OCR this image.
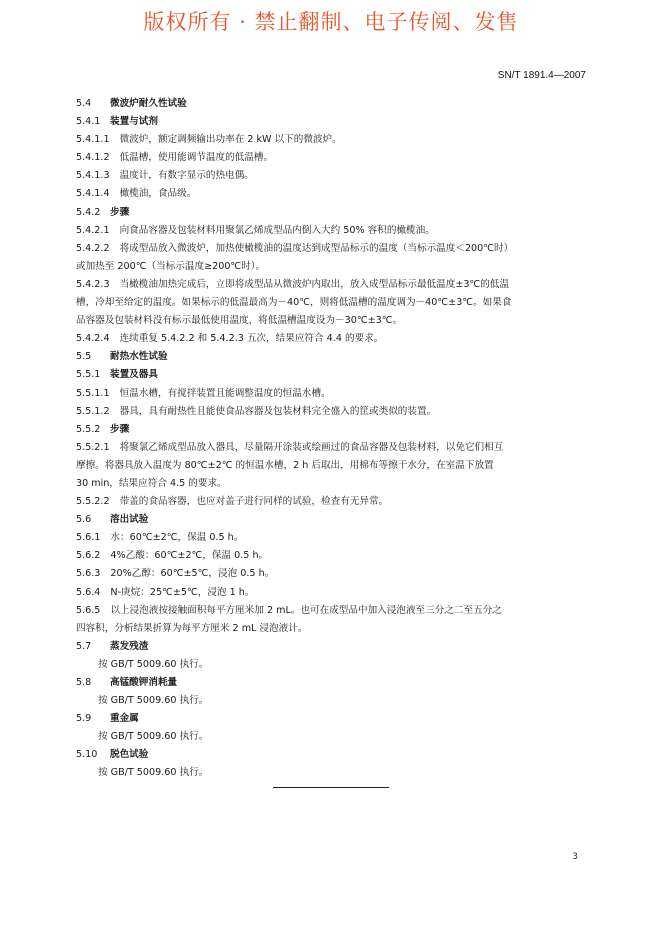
版权所有 · 禁止翻制、电子传阅、发售
SN/T 1891.4—2007

5.4 微波炉耐久性试验

5.4.1 装置与试剂

5.4.1.1 微波炉，额定调频输出功率在 2 kW 以下的微波炉。

5.4.1.2 低温槽，使用能调节温度的低温槽。

5.4.1.3 温度计，有数字显示的热电偶。

5.4.1.4 橄榄油，食品级。

5.4.2 步骤

5.4.2.1 向食品容器及包装材料用聚氯乙烯成型品内倒入大约 50% 容积的橄榄油。

5.4.2.2 将成型品放入微波炉，加热使橄榄油的温度达到成型品标示的温度（当标示温度＜200℃时）

或加热至 200℃（当标示温度≥200℃时）。

5.4.2.3 当橄榄油加热完成后，立即将成型品从微波炉内取出，放入成型品标示最低温度±3℃的低温

槽，冷却至给定的温度。如果标示的低温最高为－40℃，则将低温槽的温度调为－40℃±3℃。如果食

品容器及包装材料没有标示最低使用温度，将低温槽温度设为－30℃±3℃。

5.4.2.4 连续重复 5.4.2.2 和 5.4.2.3 五次，结果应符合 4.4 的要求。

5.5 耐热水性试验

5.5.1 装置及器具

5.5.1.1 恒温水槽，有搅拌装置且能调整温度的恒温水槽。

5.5.1.2 器具，具有耐热性且能使食品容器及包装材料完全盛入的筐或类似的装置。

5.5.2 步骤

5.5.2.1 将聚氯乙烯成型品放入器具，尽量隔开涂装或绘画过的食品容器及包装材料，以免它们相互

摩擦。将器具放入温度为 80℃±2℃ 的恒温水槽，2 h 后取出，用棉布等擦干水分，在室温下放置

30 min，结果应符合 4.5 的要求。

5.5.2.2 带盖的食品容器，也应对盖子进行同样的试验，检查有无异常。

5.6 溶出试验

5.6.1 水：60℃±2℃，保温 0.5 h。

5.6.2 4%乙酸：60℃±2℃，保温 0.5 h。

5.6.3 20%乙醇：60℃±5℃，浸泡 0.5 h。

5.6.4 N-庚烷：25℃±5℃，浸泡 1 h。

5.6.5 以上浸泡液按接触面积每平方厘米加 2 mL。也可在成型品中加入浸泡液至三分之二至五分之

四容积，分析结果折算为每平方厘米 2 mL 浸泡液计。

5.7 蒸发残渣

按 GB/T 5009.60 执行。

5.8 高锰酸钾消耗量

按 GB/T 5009.60 执行。

5.9 重金属

按 GB/T 5009.60 执行。

5.10 脱色试验

按 GB/T 5009.60 执行。

3
